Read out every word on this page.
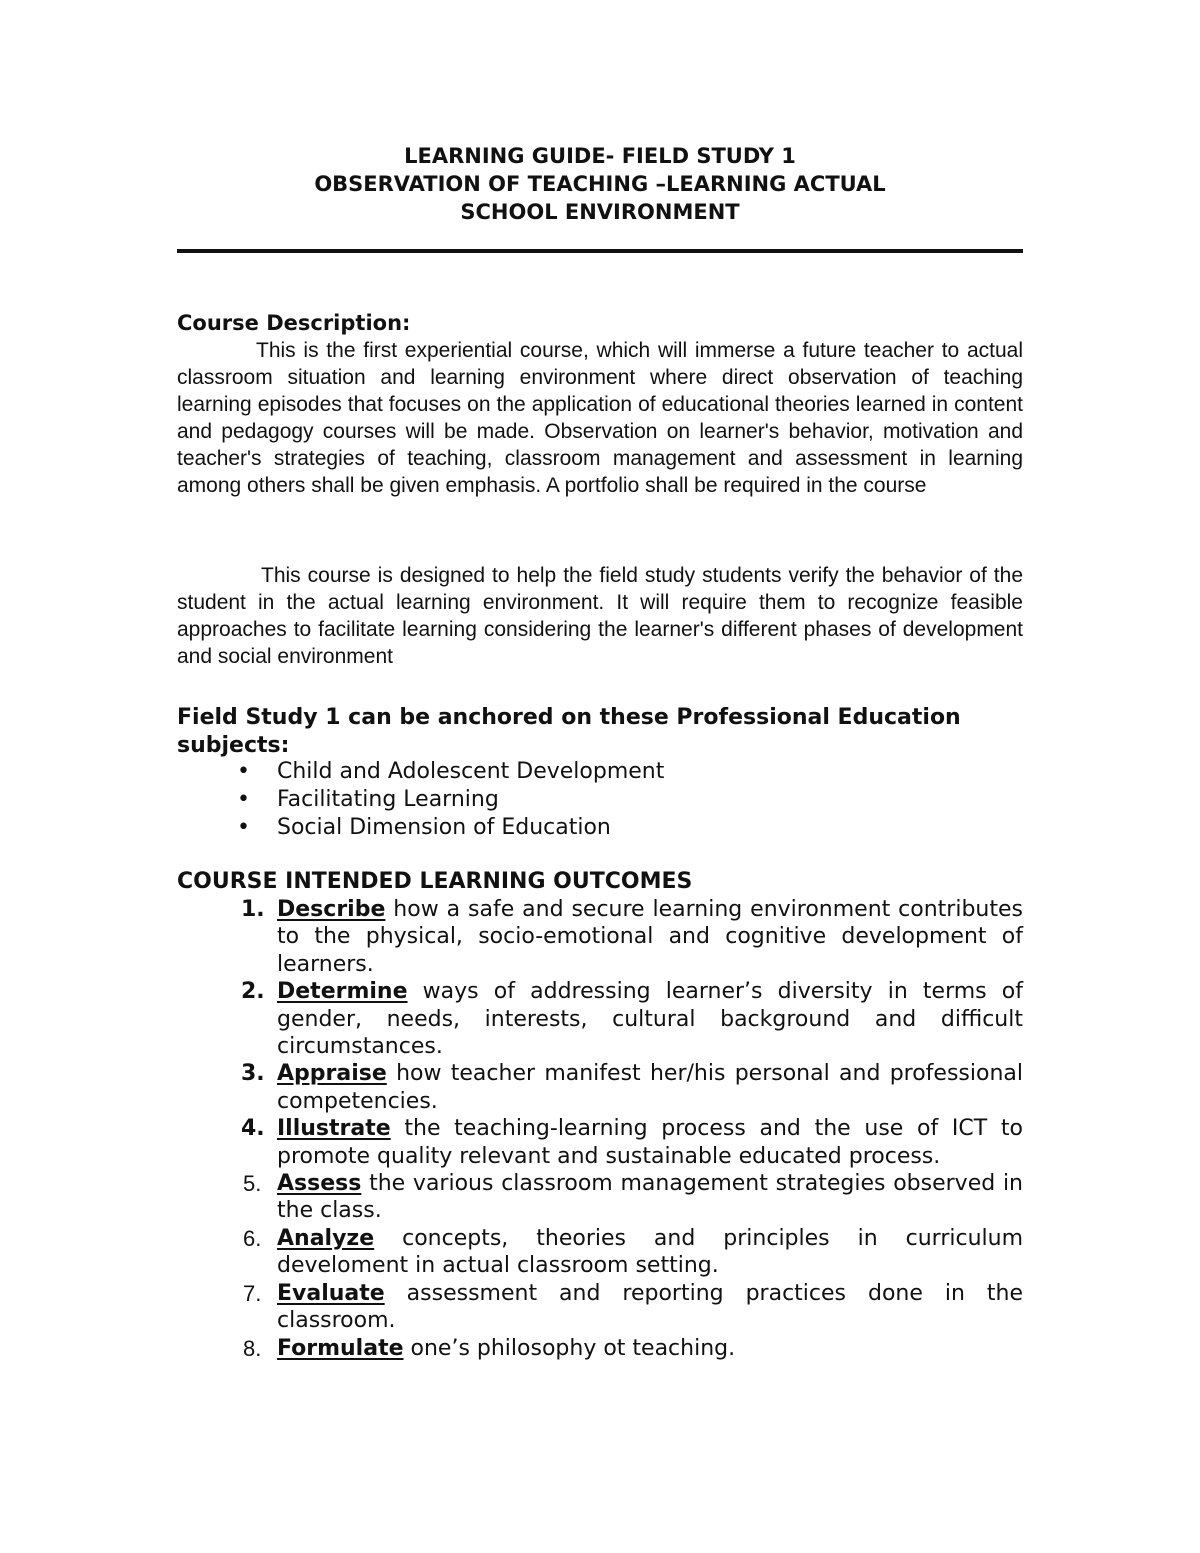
LEARNING GUIDE- FIELD STUDY 1
OBSERVATION OF TEACHING –LEARNING ACTUAL
SCHOOL ENVIRONMENT
Course Description:

This is the first experiential course, which will immerse a future teacher to actual classroom situation and learning environment where direct observation of teaching learning episodes that focuses on the application of educational theories learned in content and pedagogy courses will be made. Observation on learner's behavior, motivation and teacher's strategies of teaching, classroom management and assessment in learning among others shall be given emphasis. A portfolio shall be required in the course

This course is designed to help the field study students verify the behavior of the student in the actual learning environment. It will require them to recognize feasible approaches to facilitate learning considering the learner's different phases of development and social environment

Field Study 1 can be anchored on these Professional Education subjects:
• Child and Adolescent Development
• Facilitating Learning
• Social Dimension of Education
COURSE INTENDED LEARNING OUTCOMES
1. Describe how a safe and secure learning environment contributes to the physical, socio-emotional and cognitive development of learners.
2. Determine ways of addressing learner’s diversity in terms of gender, needs, interests, cultural background and difficult circumstances.
3. Appraise how teacher manifest her/his personal and professional competencies.
4. Illustrate the teaching-learning process and the use of ICT to promote quality relevant and sustainable educated process.
5. Assess the various classroom management strategies observed in the class.
6. Analyze concepts, theories and principles in curriculum develoment in actual classroom setting.
7. Evaluate assessment and reporting practices done in the classroom.
8. Formulate one’s philosophy ot teaching.
